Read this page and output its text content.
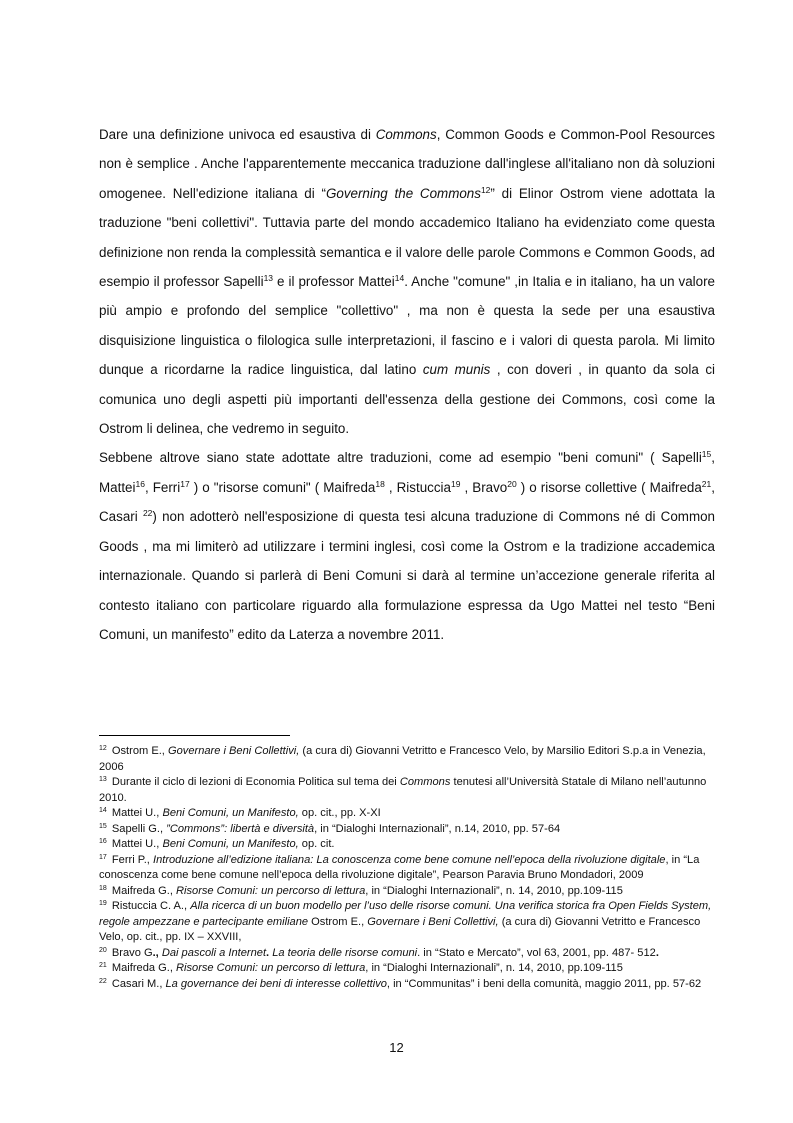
Dare una definizione univoca ed esaustiva di Commons, Common Goods e Common-Pool Resources non è semplice . Anche l'apparentemente meccanica traduzione dall'inglese all'italiano non dà soluzioni omogenee. Nell'edizione italiana di “Governing the Commons$^{12}$” di Elinor Ostrom viene adottata la traduzione "beni collettivi". Tuttavia parte del mondo accademico Italiano ha evidenziato come questa definizione non renda la complessità semantica e il valore delle parole Commons e Common Goods, ad esempio il professor Sapelli$^{13}$ e il professor Mattei$^{14}$. Anche "comune" ,in Italia e in italiano, ha un valore più ampio e profondo del semplice "collettivo" , ma non è questa la sede per una esaustiva disquisizione linguistica o filologica sulle interpretazioni, il fascino e i valori di questa parola. Mi limito dunque a ricordarne la radice linguistica, dal latino cum munis , con doveri , in quanto da sola ci comunica uno degli aspetti più importanti dell'essenza della gestione dei Commons, così come la Ostrom li delinea, che vedremo in seguito.
Sebbene altrove siano state adottate altre traduzioni, come ad esempio "beni comuni" ( Sapelli$^{15}$, Mattei$^{16}$, Ferri$^{17}$ ) o "risorse comuni" ( Maifreda$^{18}$ , Ristuccia$^{19}$ , Bravo$^{20}$ ) o risorse collettive ( Maifreda$^{21}$, Casari $^{22}$) non adotterò nell'esposizione di questa tesi alcuna traduzione di Commons né di Common Goods , ma mi limiterò ad utilizzare i termini inglesi, così come la Ostrom e la tradizione accademica internazionale. Quando si parlerà di Beni Comuni si darà al termine un’accezione generale riferita al contesto italiano con particolare riguardo alla formulazione espressa da Ugo Mattei nel testo “Beni Comuni, un manifesto” edito da Laterza a novembre 2011.

$^{12}$ Ostrom E., Governare i Beni Collettivi, (a cura di) Giovanni Vetritto e Francesco Velo, by Marsilio Editori S.p.a in Venezia, 2006

$^{13}$ Durante il ciclo di lezioni di Economia Politica sul tema dei Commons tenutesi all’Università Statale di Milano nell’autunno 2010.

$^{14}$ Mattei U., Beni Comuni, un Manifesto, op. cit., pp. X-XI

$^{15}$ Sapelli G., ”Commons”: libertà e diversità, in “Dialoghi Internazionali”, n.14, 2010, pp. 57-64

$^{16}$ Mattei U., Beni Comuni, un Manifesto, op. cit.

$^{17}$ Ferri P., Introduzione all’edizione italiana: La conoscenza come bene comune nell’epoca della rivoluzione digitale, in “La conoscenza come bene comune nell’epoca della rivoluzione digitale”, Pearson Paravia Bruno Mondadori, 2009

$^{18}$ Maifreda G., Risorse Comuni: un percorso di lettura, in “Dialoghi Internazionali”, n. 14, 2010, pp.109-115

$^{19}$ Ristuccia C. A., Alla ricerca di un buon modello per l’uso delle risorse comuni. Una verifica storica fra Open Fields System, regole ampezzane e partecipante emiliane Ostrom E., Governare i Beni Collettivi, (a cura di) Giovanni Vetritto e Francesco Velo, op. cit., pp. IX – XXVIII,

$^{20}$ Bravo G., Dai pascoli a Internet. La teoria delle risorse comuni. in “Stato e Mercato”, vol 63, 2001, pp. 487- 512.

$^{21}$ Maifreda G., Risorse Comuni: un percorso di lettura, in “Dialoghi Internazionali”, n. 14, 2010, pp.109-115

$^{22}$ Casari M., La governance dei beni di interesse collettivo, in “Communitas” i beni della comunità, maggio 2011, pp. 57-62

12
